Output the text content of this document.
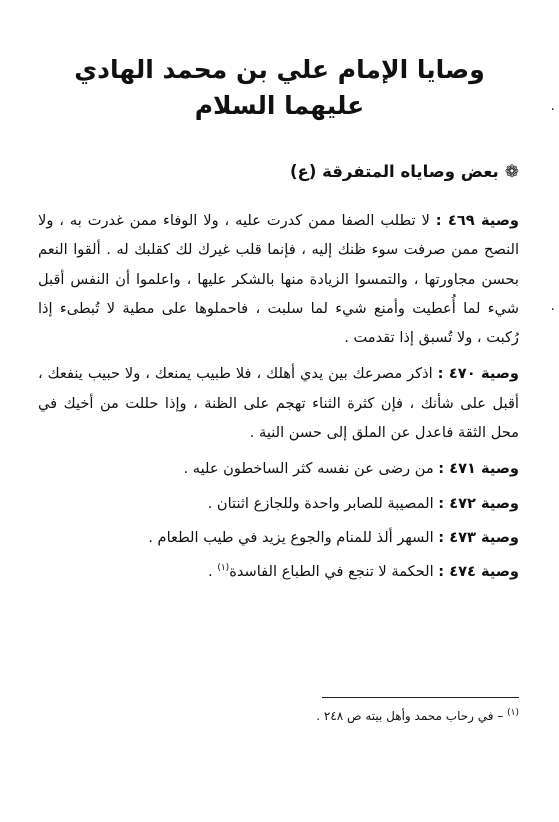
وصايا الإمام علي بن محمد الهادي
عليهما السلام	.
.
❁بعض وصاياه المتفرقة (ع)

وصية ٤٦٩ : لا تطلب الصفا ممن كدرت عليه ، ولا الوفاء ممن غدرت به ، ولا النصح ممن صرفت سوء ظنك إليه ، فإنما قلب غيرك لك كقلبك له . ألقوا النعم بحسن مجاورتها ، والتمسوا الزيادة منها بالشكر عليها ، واعلموا أن النفس أقبل شيء لما أُعطيت وأمنع شيء لما سلبت ، فاحملوها على مطية لا تُبطىء إذا رُكبت ، ولا تُسبق إذا تقدمت .

وصية ٤٧٠ : اذكر مصرعك بين يدي أهلك ، فلا طبيب يمنعك ، ولا حبيب ينفعك ، أقبل على شأنك ، فإن كثرة الثناء تهجم على الظنة ، وإذا حللت من أخيك في محل الثقة فاعدل عن الملق إلى حسن النية .

وصية ٤٧١ : من رضى عن نفسه كثر الساخطون عليه .

وصية ٤٧٢ : المصيبة للصابر واحدة وللجازع اثنتان .

وصية ٤٧٣ : السهر ألذ للمنام والجوع يزيد في طيب الطعام .

وصية ٤٧٤ : الحكمة لا تنجع في الطباع الفاسدة$^{(١)}$ .

$^{(١)}$ – في رحاب محمد وأهل بيته ص ٢٤٨ .
